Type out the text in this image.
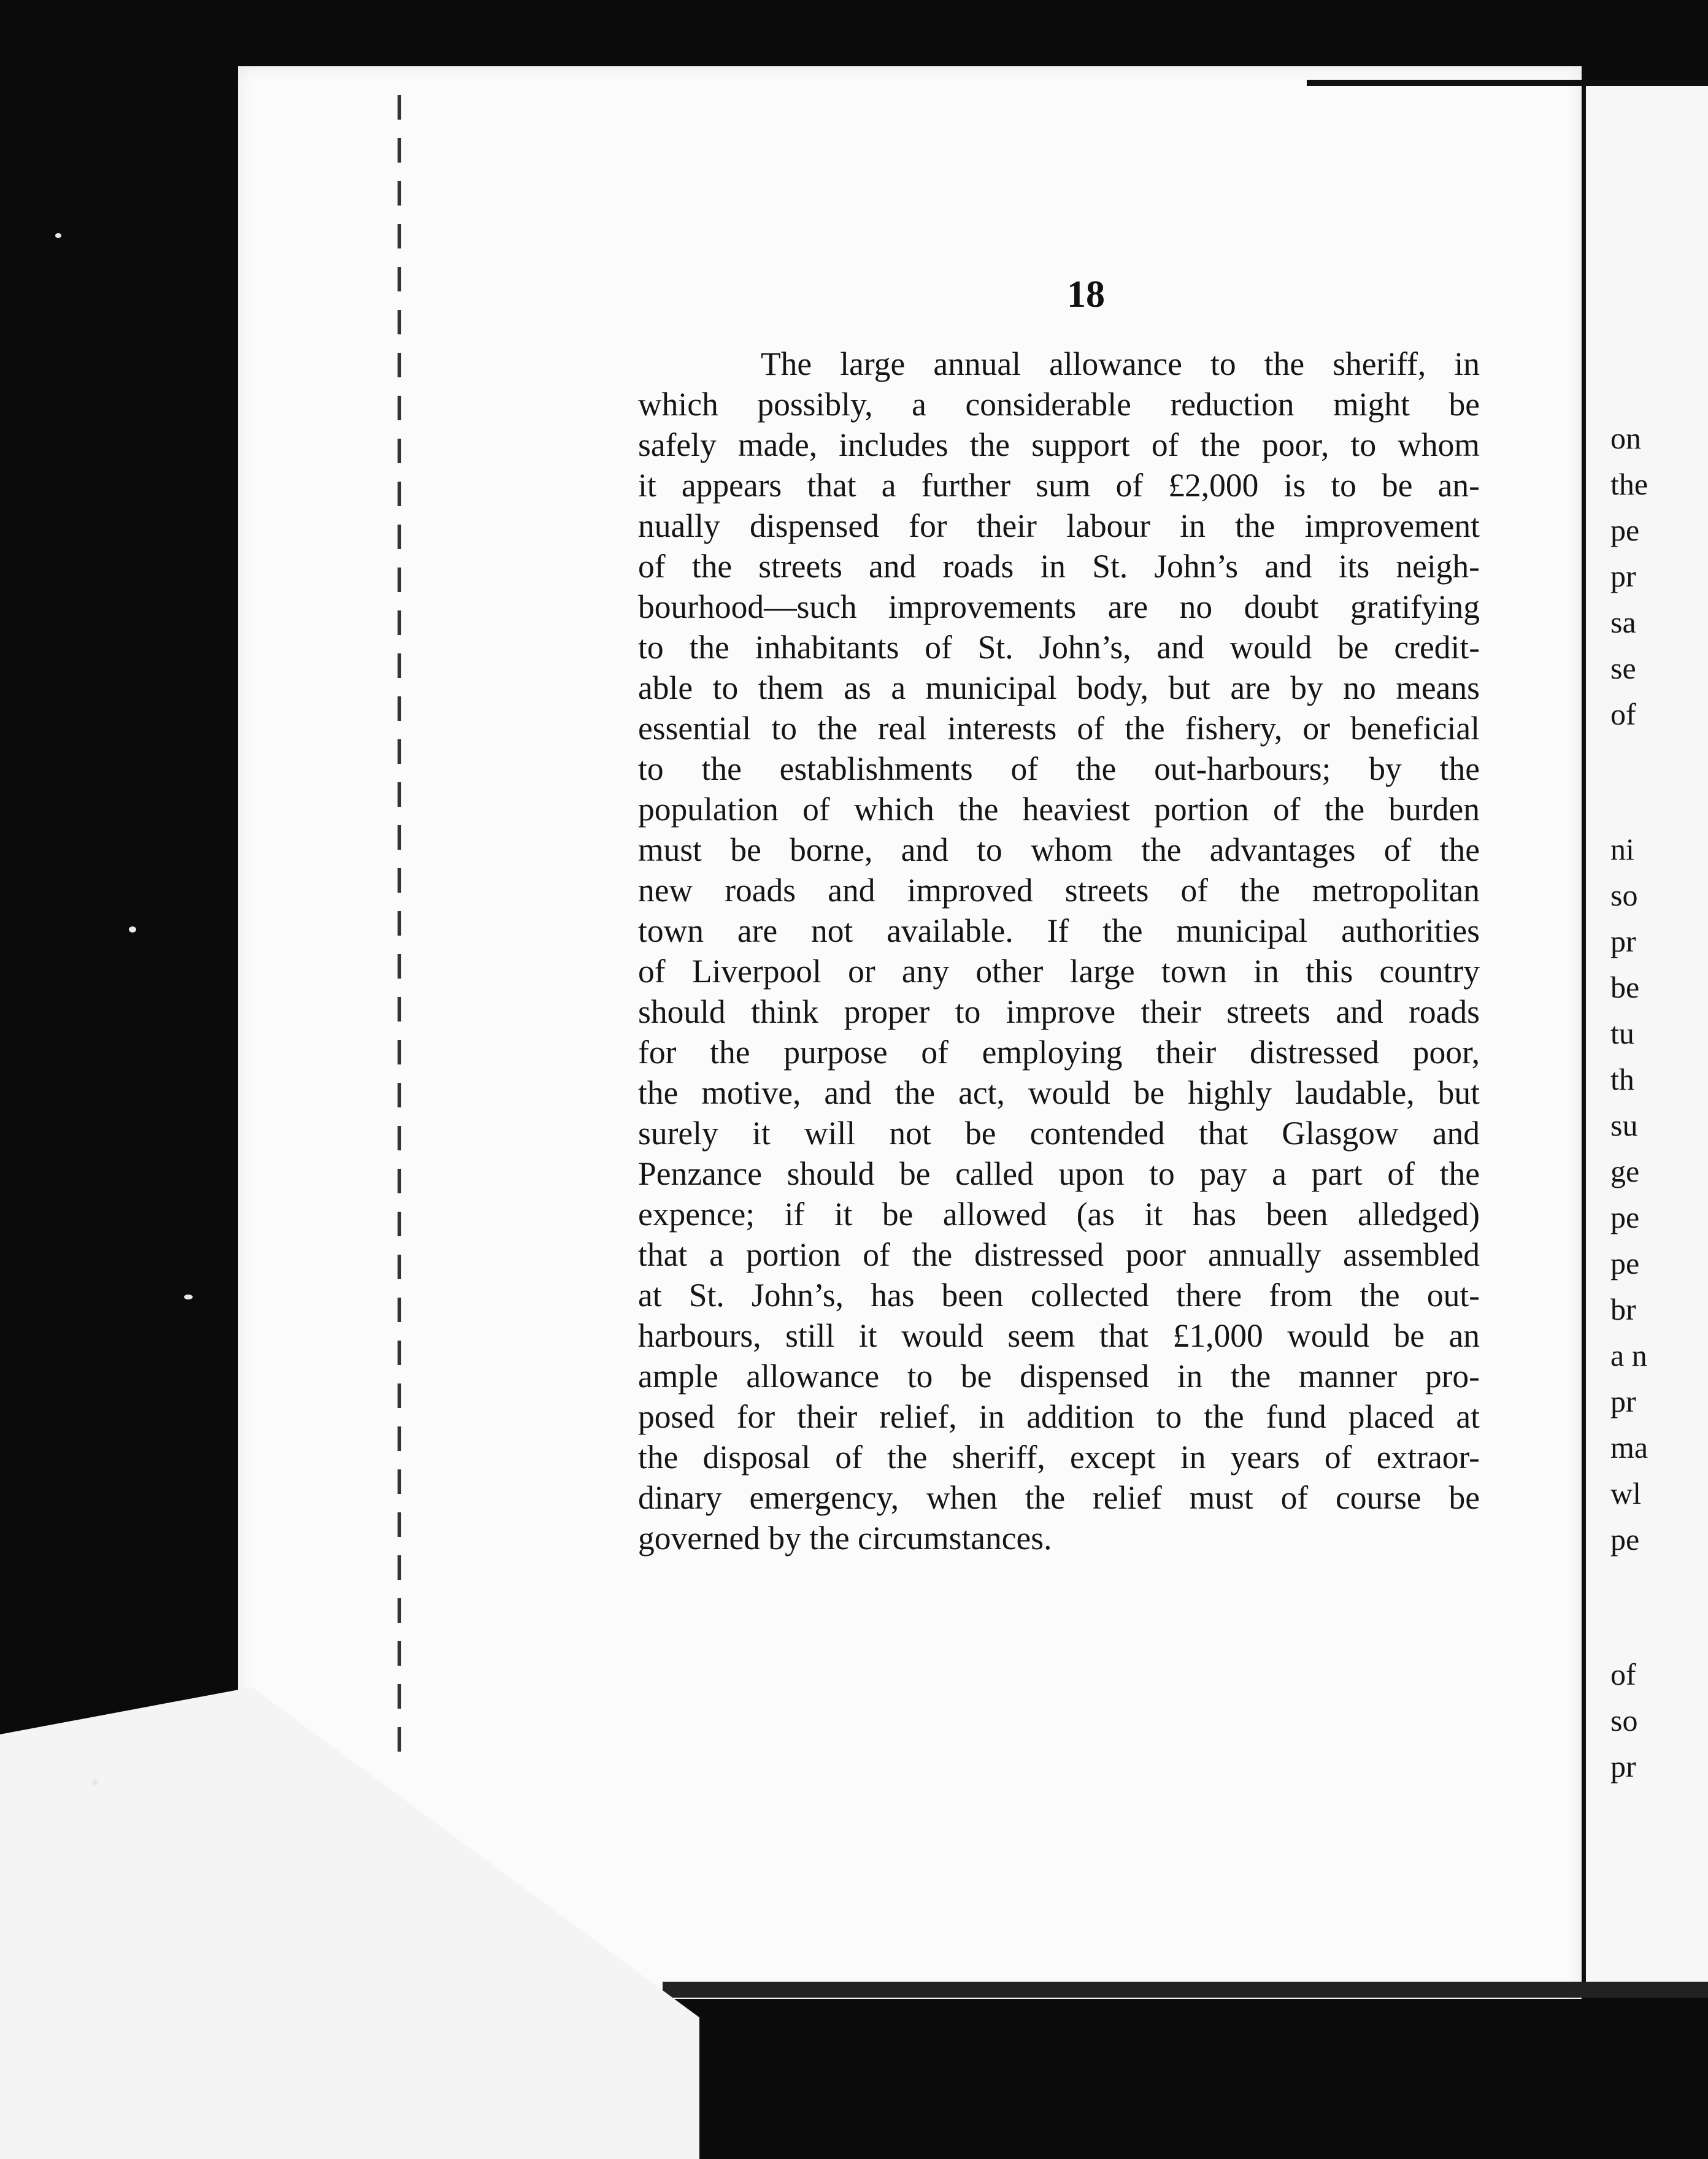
on
the
pe
pr
sa
se
of
ni
so
pr
be
tu
th
su
ge
pe
pe
br
a n
pr
ma
wl
pe
of
so
pr
18
The large annual allowance to the sheriff, in
which possibly, a considerable reduction might be
safely made, includes the support of the poor, to whom
it appears that a further sum of £2,000 is to be an-
nually dispensed for their labour in the improvement
of the streets and roads in St. John’s and its neigh-
bourhood—such improvements are no doubt gratifying
to the inhabitants of St. John’s, and would be credit-
able to them as a municipal body, but are by no means
essential to the real interests of the fishery, or beneficial
to the establishments of the out-harbours; by the
population of which the heaviest portion of the burden
must be borne, and to whom the advantages of the
new roads and improved streets of the metropolitan
town are not available. If the municipal authorities
of Liverpool or any other large town in this country
should think proper to improve their streets and roads
for the purpose of employing their distressed poor,
the motive, and the act, would be highly laudable, but
surely it will not be contended that Glasgow and
Penzance should be called upon to pay a part of the
expence; if it be allowed (as it has been alledged)
that a portion of the distressed poor annually assembled
at St. John’s, has been collected there from the out-
harbours, still it would seem that £1,000 would be an
ample allowance to be dispensed in the manner pro-
posed for their relief, in addition to the fund placed at
the disposal of the sheriff, except in years of extraor-
dinary emergency, when the relief must of course be
governed by the circumstances.
